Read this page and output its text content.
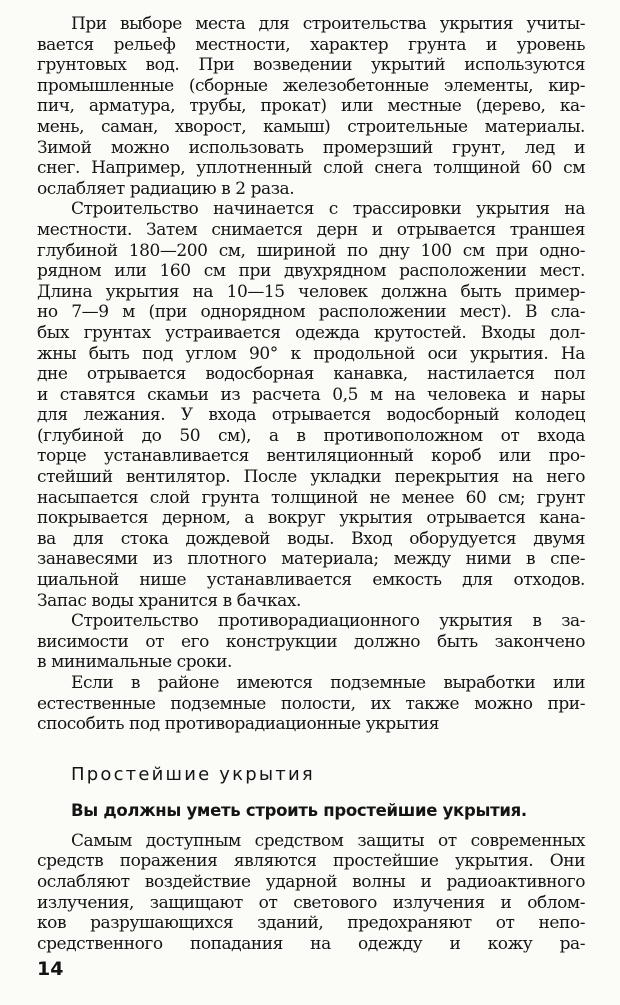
При выборе места для строительства укрытия учиты-
вается рельеф местности, характер грунта и уровень
грунтовых вод. При возведении укрытий используются
промышленные (сборные железобетонные элементы, кир-
пич, арматура, трубы, прокат) или местные (дерево, ка-
мень, саман, хворост, камыш) строительные материалы.
Зимой можно использовать промерзший грунт, лед и
снег. Например, уплотненный слой снега толщиной 60 см
ослабляет радиацию в 2 раза.
Строительство начинается с трассировки укрытия на
местности. Затем снимается дерн и отрывается траншея
глубиной 180—200 см, шириной по дну 100 см при одно-
рядном или 160 см при двухрядном расположении мест.
Длина укрытия на 10—15 человек должна быть пример-
но 7—9 м (при однорядном расположении мест). В сла-
бых грунтах устраивается одежда крутостей. Входы дол-
жны быть под углом 90° к продольной оси укрытия. На
дне отрывается водосборная канавка, настилается пол
и ставятся скамьи из расчета 0,5 м на человека и нары
для лежания. У входа отрывается водосборный колодец
(глубиной до 50 см), а в противоположном от входа
торце устанавливается вентиляционный короб или про-
стейший вентилятор. После укладки перекрытия на него
насыпается слой грунта толщиной не менее 60 см; грунт
покрывается дерном, а вокруг укрытия отрывается кана-
ва для стока дождевой воды. Вход оборудуется двумя
занавесями из плотного материала; между ними в спе-
циальной нише устанавливается емкость для отходов.
Запас воды хранится в бачках.
Строительство противорадиационного укрытия в за-
висимости от его конструкции должно быть закончено
в минимальные сроки.
Если в районе имеются подземные выработки или
естественные подземные полости, их также можно при-
способить под противорадиационные укрытия
Простейшие укрытия
Вы должны уметь строить простейшие укрытия.
Самым доступным средством защиты от современных
средств поражения являются простейшие укрытия. Они
ослабляют воздействие ударной волны и радиоактивного
излучения, защищают от светового излучения и облом-
ков разрушающихся зданий, предохраняют от непо-
средственного попадания на одежду и кожу ра-
14
